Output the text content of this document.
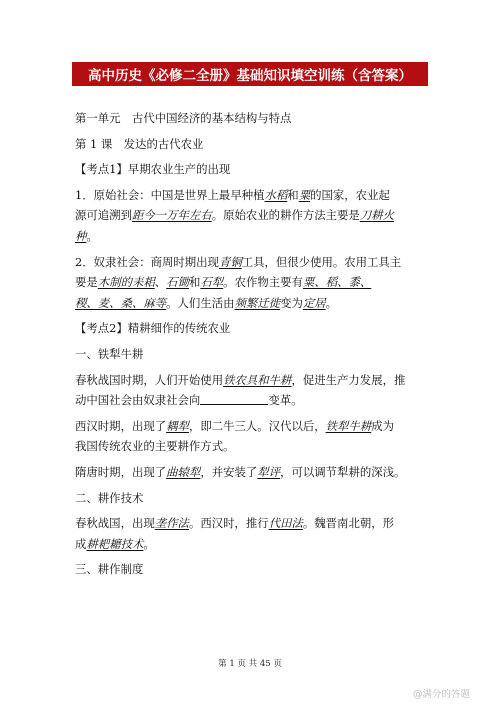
高中历史《必修二全册》基础知识填空训练（含答案）

第一单元　古代中国经济的基本结构与特点

第 1 课　发达的古代农业

【考点1】早期农业生产的出现

1．原始社会：中国是世界上最早种植水稻和粟的国家，农业起

源可追溯到距今一万年左右。原始农业的耕作方法主要是刀耕火

种。

2．奴隶社会：商周时期出现青铜工具，但很少使用。农用工具主

要是木制的耒耜、石锄和石犁。农作物主要有粟、稻、黍、

稷、麦、桑、麻等。人们生活由频繁迁徙变为定居。

【考点2】精耕细作的传统农业

一、铁犁牛耕

春秋战国时期，人们开始使用铁农具和牛耕，促进生产力发展，推

动中国社会由奴隶社会向	变革。

西汉时期，出现了耦犁，即二牛三人。汉代以后，铁犁牛耕成为

我国传统农业的主要耕作方式。

隋唐时期，出现了曲辕犁，并安装了犁评，可以调节犁耕的深浅。

二、耕作技术

春秋战国，出现垄作法。西汉时，推行代田法。魏晋南北朝，形

成耕耙耱技术。

三、耕作制度

第 1 页 共 45 页
@满分的答题
